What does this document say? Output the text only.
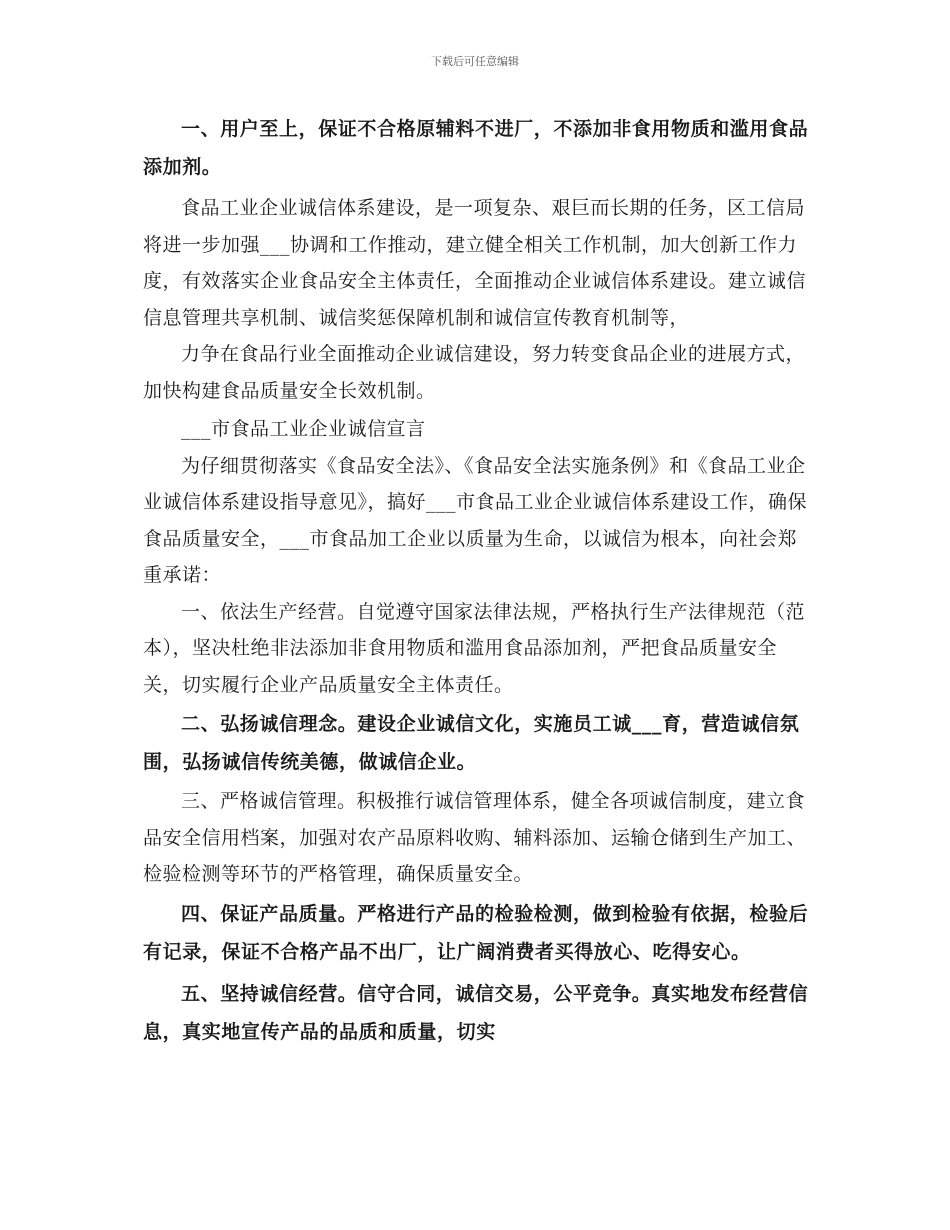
下载后可任意编辑

一、用户至上，保证不合格原辅料不进厂，不添加非食用物质和滥用食品添加剂。

食品工业企业诚信体系建设，是一项复杂、艰巨而长期的任务，区工信局将进一步加强___协调和工作推动，建立健全相关工作机制，加大创新工作力度，有效落实企业食品安全主体责任，全面推动企业诚信体系建设。建立诚信信息管理共享机制、诚信奖惩保障机制和诚信宣传教育机制等，

力争在食品行业全面推动企业诚信建设，努力转变食品企业的进展方式，加快构建食品质量安全长效机制。

___市食品工业企业诚信宣言

为仔细贯彻落实《食品安全法》、《食品安全法实施条例》和《食品工业企业诚信体系建设指导意见》，搞好___市食品工业企业诚信体系建设工作，确保食品质量安全，___市食品加工企业以质量为生命，以诚信为根本，向社会郑重承诺：

一、依法生产经营。自觉遵守国家法律法规，严格执行生产法律规范（范本），坚决杜绝非法添加非食用物质和滥用食品添加剂，严把食品质量安全关，切实履行企业产品质量安全主体责任。

二、弘扬诚信理念。建设企业诚信文化，实施员工诚___育，营造诚信氛围，弘扬诚信传统美德，做诚信企业。

三、严格诚信管理。积极推行诚信管理体系，健全各项诚信制度，建立食品安全信用档案，加强对农产品原料收购、辅料添加、运输仓储到生产加工、检验检测等环节的严格管理，确保质量安全。

四、保证产品质量。严格进行产品的检验检测，做到检验有依据，检验后有记录，保证不合格产品不出厂，让广阔消费者买得放心、吃得安心。

五、坚持诚信经营。信守合同，诚信交易，公平竞争。真实地发布经营信息，真实地宣传产品的品质和质量，切实
